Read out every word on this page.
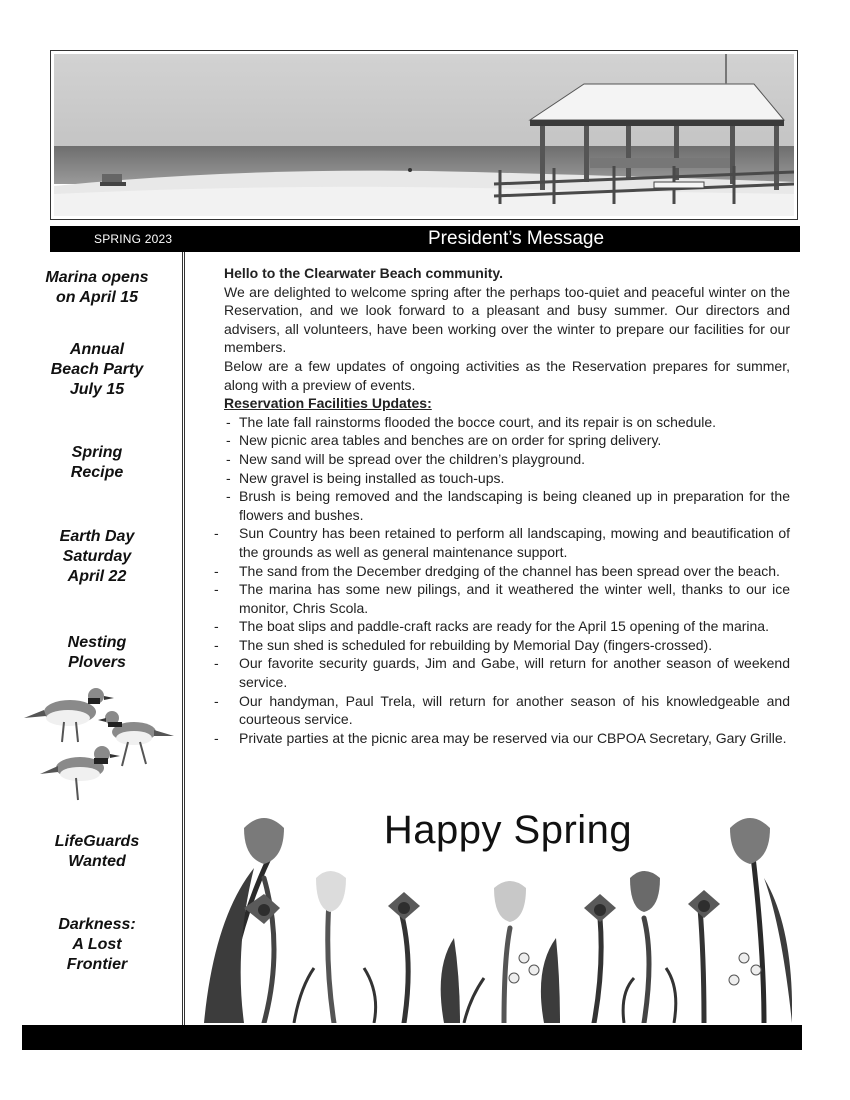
SPRING 2023	President’s Message
Marina opens
on April 15
Annual
Beach Party
July 15
Spring
Recipe
Earth Day
Saturday
April 22
Nesting
Plovers
LifeGuards
Wanted
Darkness:
A Lost
Frontier

Hello to the Clearwater Beach community.

We are delighted to welcome spring after the perhaps too-quiet and peaceful winter on the Reservation, and we look forward to a pleasant and busy summer. Our directors and advisers, all volunteers, have been working over the winter to prepare our facilities for our members.

Below are a few updates of ongoing activities as the Reservation prepares for summer, along with a preview of events.

Reservation Facilities Updates:

- The late fall rainstorms flooded the bocce court, and its repair is on schedule.
- New picnic area tables and benches are on order for spring delivery.
- New sand will be spread over the children’s playground.
- New gravel is being installed as touch-ups.
- Brush is being removed and the landscaping is being cleaned up in preparation for the flowers and bushes.
- Sun Country has been retained to perform all landscaping, mowing and beautification of the grounds as well as general maintenance support.
- The sand from the December dredging of the channel has been spread over the beach.
- The marina has some new pilings, and it weathered the winter well, thanks to our ice monitor, Chris Scola.
- The boat slips and paddle-craft racks are ready for the April 15 opening of the marina.
- The sun shed is scheduled for rebuilding by Memorial Day (fingers-crossed).
- Our favorite security guards, Jim and Gabe, will return for another season of weekend service.
- Our handyman, Paul Trela, will return for another season of his knowledgeable and courteous service.
- Private parties at the picnic area may be reserved via our CBPOA Secretary, Gary Grille.
Happy Spring
